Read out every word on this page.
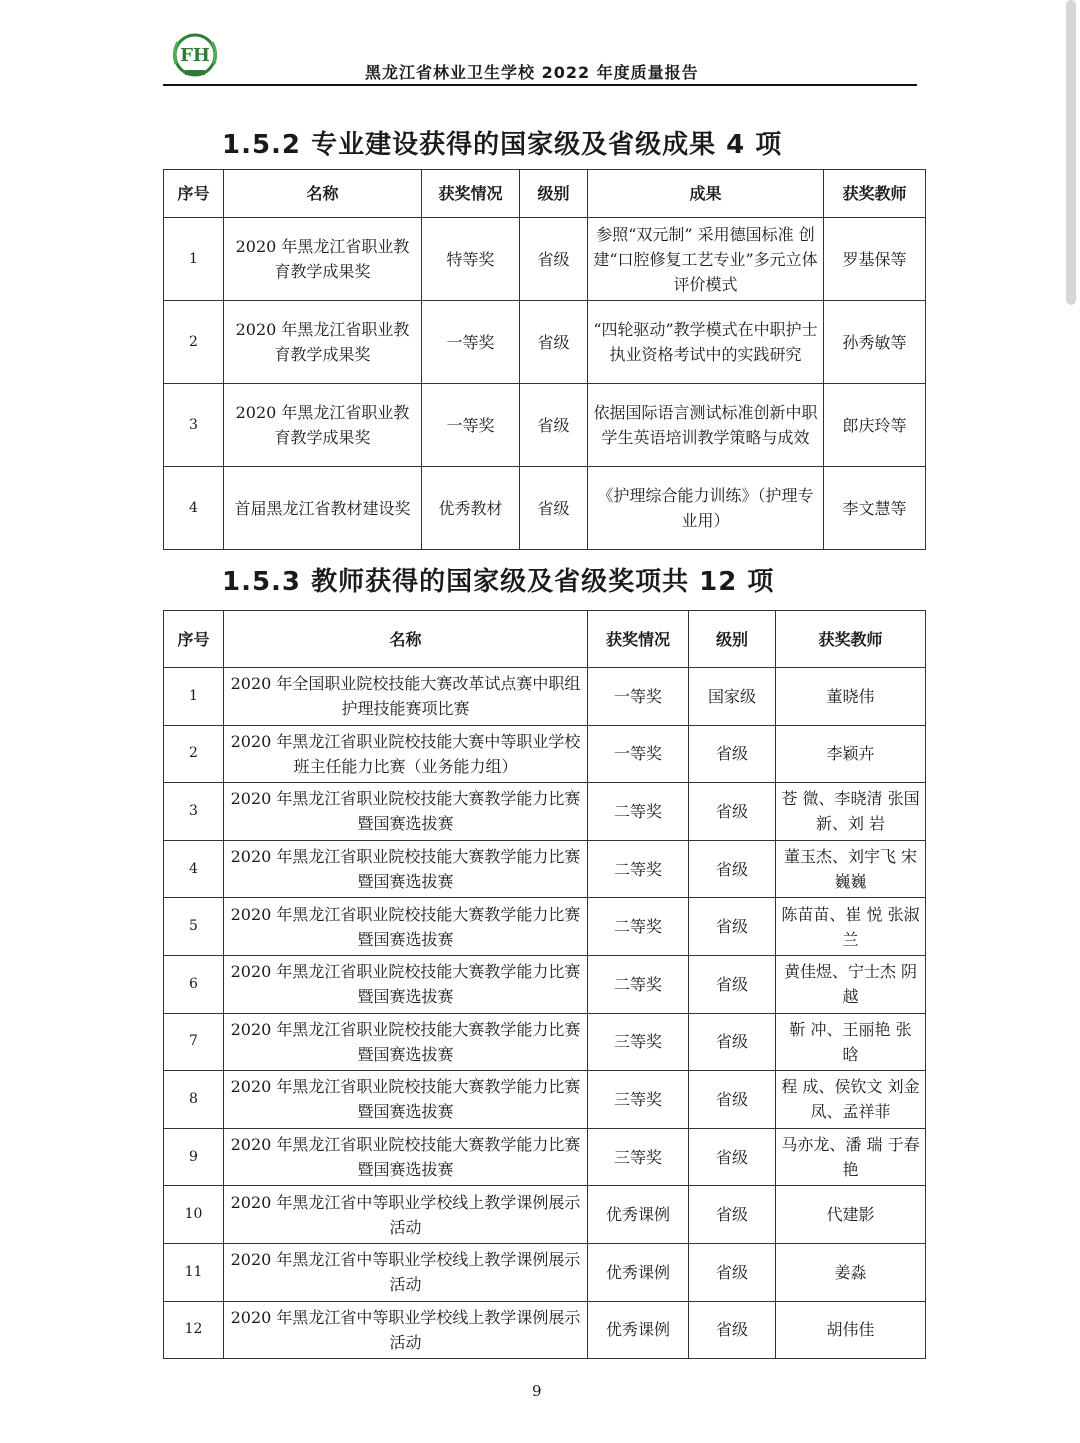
FH
黑龙江省林业卫生学校 2022 年度质量报告
1.5.2 专业建设获得的国家级及省级成果 4 项
序号	名称	获奖情况	级别	成果	获奖教师
1	2020 年黑龙江省职业教育教学成果奖	特等奖	省级	参照“双元制” 采用德国标准 创建“口腔修复工艺专业”多元立体评价模式	罗基保等
2	2020 年黑龙江省职业教育教学成果奖	一等奖	省级	“四轮驱动”教学模式在中职护士执业资格考试中的实践研究	孙秀敏等
3	2020 年黑龙江省职业教育教学成果奖	一等奖	省级	依据国际语言测试标准创新中职学生英语培训教学策略与成效	郎庆玲等
4	首届黑龙江省教材建设奖	优秀教材	省级	《护理综合能力训练》（护理专业用）	李文慧等
1.5.3 教师获得的国家级及省级奖项共 12 项
序号	名称	获奖情况	级别	获奖教师
1	2020 年全国职业院校技能大赛改革试点赛中职组护理技能赛项比赛	一等奖	国家级	董晓伟
2	2020 年黑龙江省职业院校技能大赛中等职业学校班主任能力比赛（业务能力组）	一等奖	省级	李颖卉
3	2020 年黑龙江省职业院校技能大赛教学能力比赛暨国赛选拔赛	二等奖	省级	苍 微、李晓清 张国新、刘 岩
4	2020 年黑龙江省职业院校技能大赛教学能力比赛暨国赛选拔赛	二等奖	省级	董玉杰、刘宇飞 宋巍巍
5	2020 年黑龙江省职业院校技能大赛教学能力比赛暨国赛选拔赛	二等奖	省级	陈苗苗、崔 悦 张淑兰
6	2020 年黑龙江省职业院校技能大赛教学能力比赛暨国赛选拔赛	二等奖	省级	黄佳煜、宁士杰 阴 越
7	2020 年黑龙江省职业院校技能大赛教学能力比赛暨国赛选拔赛	三等奖	省级	靳 冲、王丽艳 张 晗
8	2020 年黑龙江省职业院校技能大赛教学能力比赛暨国赛选拔赛	三等奖	省级	程 成、侯钦文 刘金凤、孟祥菲
9	2020 年黑龙江省职业院校技能大赛教学能力比赛暨国赛选拔赛	三等奖	省级	马亦龙、潘 瑞 于春艳
10	2020 年黑龙江省中等职业学校线上教学课例展示活动	优秀课例	省级	代建影
11	2020 年黑龙江省中等职业学校线上教学课例展示活动	优秀课例	省级	姜淼
12	2020 年黑龙江省中等职业学校线上教学课例展示活动	优秀课例	省级	胡伟佳
9
